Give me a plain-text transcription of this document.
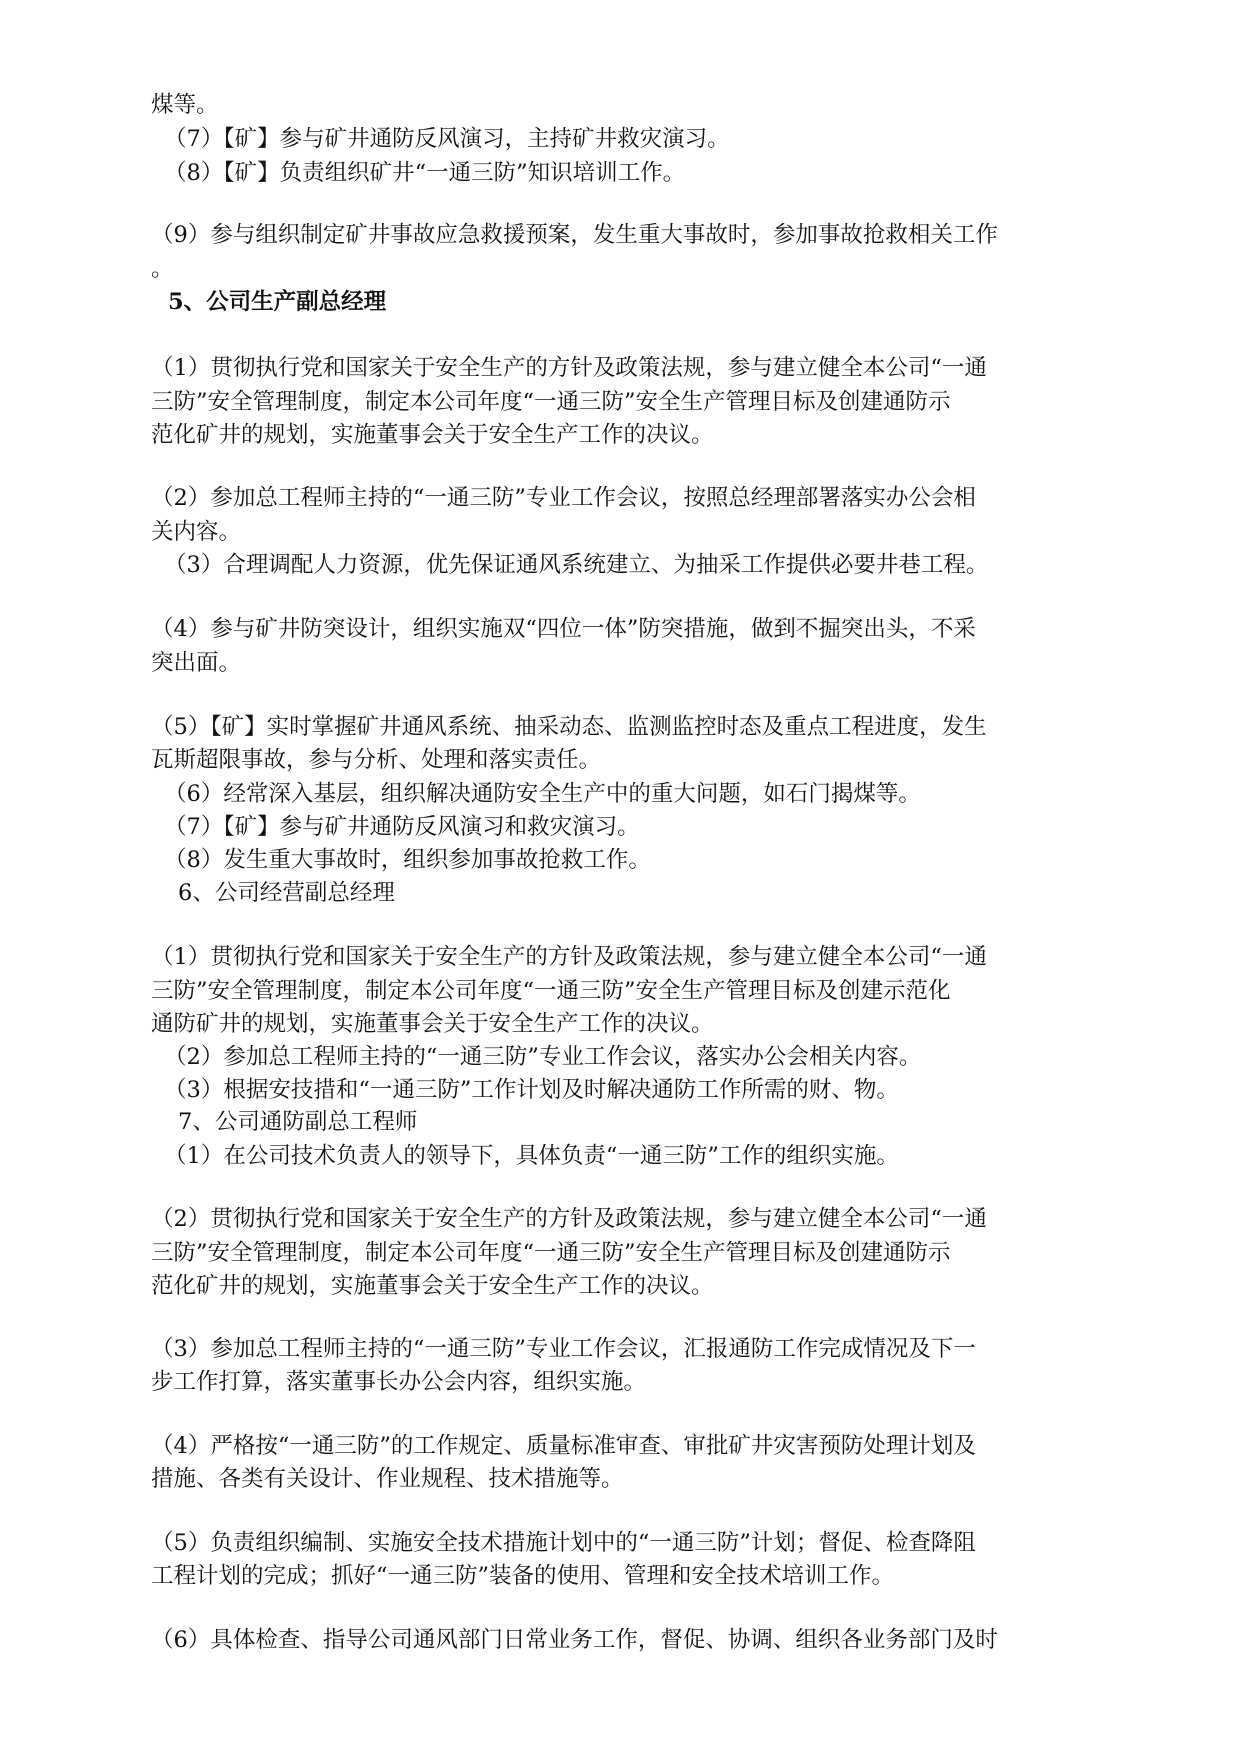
煤等。
（7）【矿】参与矿井通防反风演习，主持矿井救灾演习。
（8）【矿】负责组织矿井“一通三防”知识培训工作。
（9）参与组织制定矿井事故应急救援预案，发生重大事故时，参加事故抢救相关工作
。
5、公司生产副总经理
（1）贯彻执行党和国家关于安全生产的方针及政策法规，参与建立健全本公司“一通
三防”安全管理制度，制定本公司年度“一通三防”安全生产管理目标及创建通防示
范化矿井的规划，实施董事会关于安全生产工作的决议。
（2）参加总工程师主持的“一通三防”专业工作会议，按照总经理部署落实办公会相
关内容。
（3）合理调配人力资源，优先保证通风系统建立、为抽采工作提供必要井巷工程。
（4）参与矿井防突设计，组织实施双“四位一体”防突措施，做到不掘突出头，不采
突出面。
（5）【矿】实时掌握矿井通风系统、抽采动态、监测监控时态及重点工程进度，发生
瓦斯超限事故，参与分析、处理和落实责任。
（6）经常深入基层，组织解决通防安全生产中的重大问题，如石门揭煤等。
（7）【矿】参与矿井通防反风演习和救灾演习。
（8）发生重大事故时，组织参加事故抢救工作。
6、公司经营副总经理
（1）贯彻执行党和国家关于安全生产的方针及政策法规，参与建立健全本公司“一通
三防”安全管理制度，制定本公司年度“一通三防”安全生产管理目标及创建示范化
通防矿井的规划，实施董事会关于安全生产工作的决议。
（2）参加总工程师主持的“一通三防”专业工作会议，落实办公会相关内容。
（3）根据安技措和“一通三防”工作计划及时解决通防工作所需的财、物。
7、公司通防副总工程师
（1）在公司技术负责人的领导下，具体负责“一通三防”工作的组织实施。
（2）贯彻执行党和国家关于安全生产的方针及政策法规，参与建立健全本公司“一通
三防”安全管理制度，制定本公司年度“一通三防”安全生产管理目标及创建通防示
范化矿井的规划，实施董事会关于安全生产工作的决议。
（3）参加总工程师主持的“一通三防”专业工作会议，汇报通防工作完成情况及下一
步工作打算，落实董事长办公会内容，组织实施。
（4）严格按“一通三防”的工作规定、质量标准审查、审批矿井灾害预防处理计划及
措施、各类有关设计、作业规程、技术措施等。
（5）负责组织编制、实施安全技术措施计划中的“一通三防”计划；督促、检查降阻
工程计划的完成；抓好“一通三防”装备的使用、管理和安全技术培训工作。
（6）具体检查、指导公司通风部门日常业务工作，督促、协调、组织各业务部门及时
